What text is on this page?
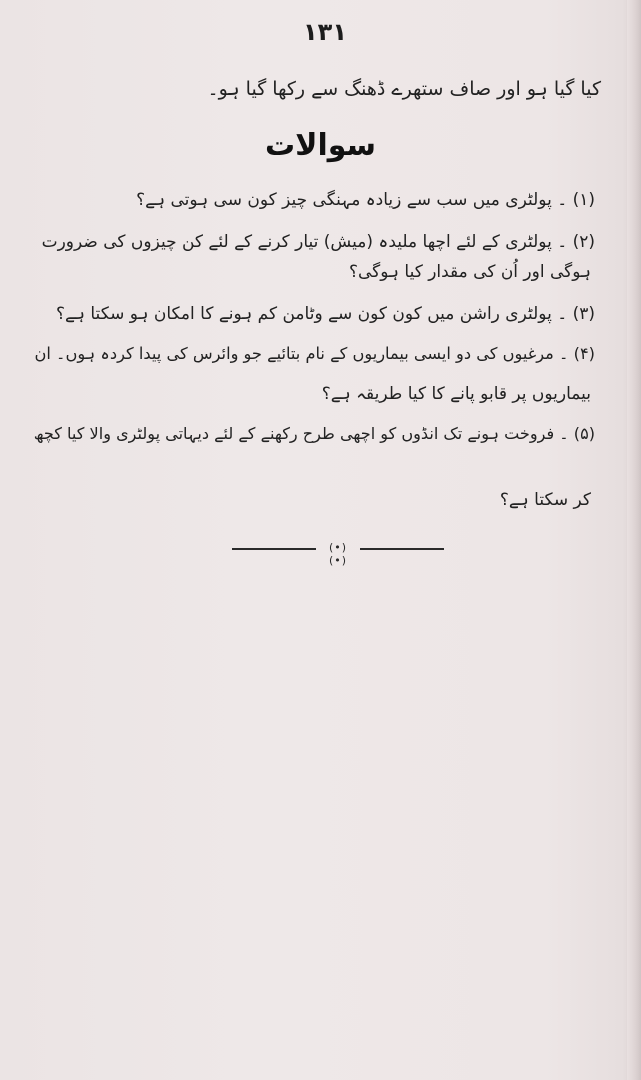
۱۳۱
کیا گیا ہو اور صاف ستھرے ڈھنگ سے رکھا گیا ہو۔
سوالات
(۱) ۔ پولٹری میں سب سے زیادہ مہنگی چیز کون سی ہوتی ہے؟
(۲) ۔ پولٹری کے لئے اچھا ملیدہ (میش) تیار کرنے کے لئے کن چیزوں کی ضرورت
ہوگی اور اُن کی مقدار کیا ہوگی؟
(۳) ۔ پولٹری راشن میں کون کون سے وٹامن کم ہونے کا امکان ہو سکتا ہے؟
(۴) ۔ مرغیوں کی دو ایسی بیماریوں کے نام بتائیے جو وائرس کی پیدا کردہ ہوں۔ ان
بیماریوں پر قابو پانے کا کیا طریقہ ہے؟
(۵) ۔ فروخت ہونے تک انڈوں کو اچھی طرح رکھنے کے لئے دیہاتی پولٹری والا کیا کچھ
کر سکتا ہے؟
(•)(•)
